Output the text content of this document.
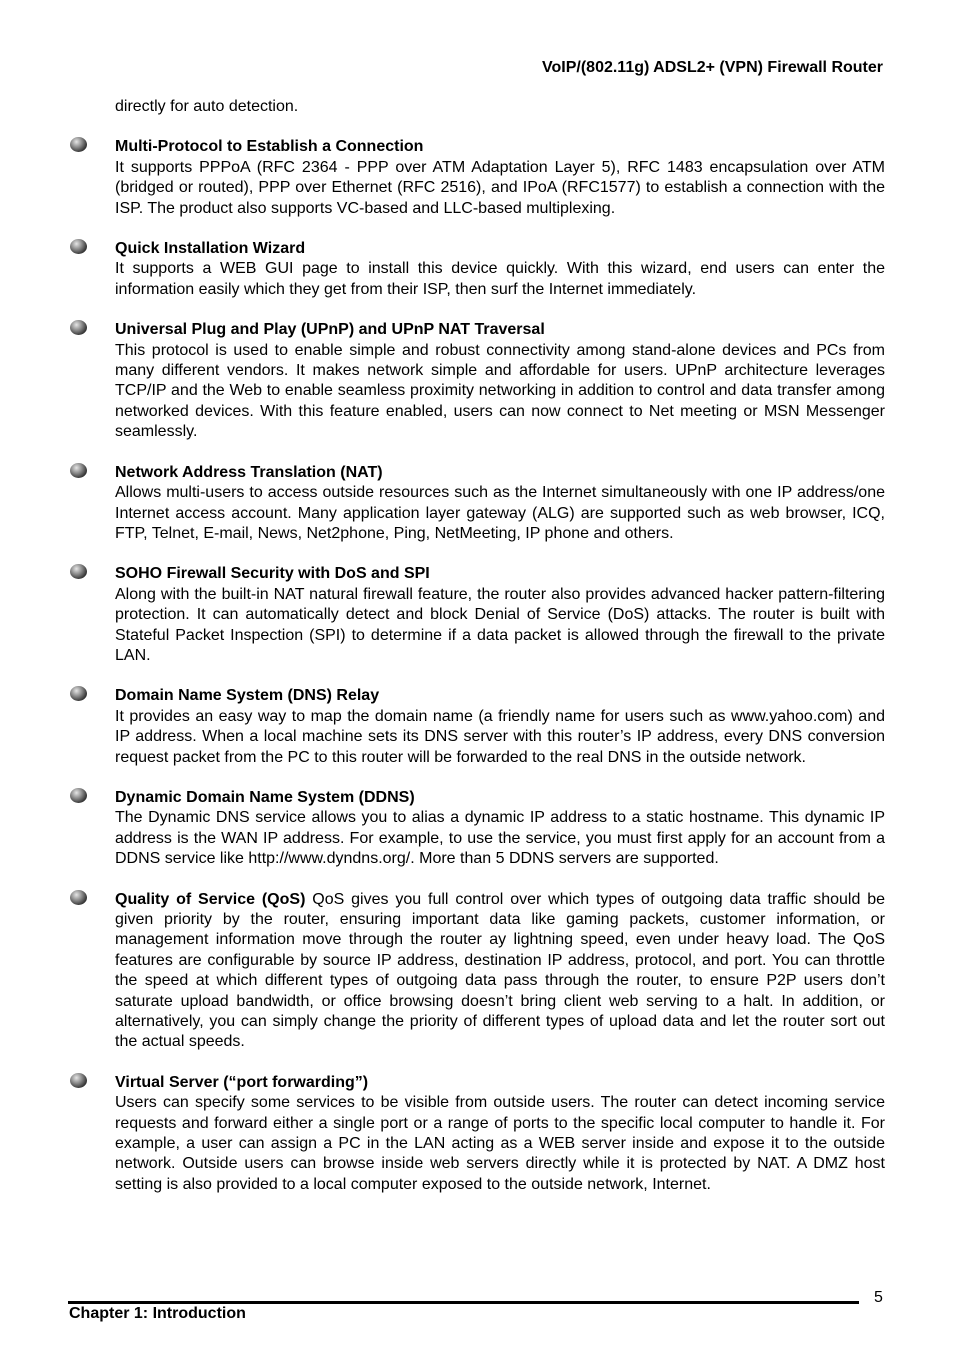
VoIP/(802.11g) ADSL2+ (VPN) Firewall Router

directly for auto detection.

Multi-Protocol to Establish a Connection
It supports PPPoA (RFC 2364 - PPP over ATM Adaptation Layer 5), RFC 1483 encapsulation over ATM (bridged or routed), PPP over Ethernet (RFC 2516), and IPoA (RFC1577) to establish a connection with the ISP. The product also supports VC-based and LLC-based multiplexing.
Quick Installation Wizard
It supports a WEB GUI page to install this device quickly. With this wizard, end users can enter the information easily which they get from their ISP, then surf the Internet immediately.
Universal Plug and Play (UPnP) and UPnP NAT Traversal
This protocol is used to enable simple and robust connectivity among stand-alone devices and PCs from many different vendors. It makes network simple and affordable for users. UPnP architecture leverages TCP/IP and the Web to enable seamless proximity networking in addition to control and data transfer among networked devices. With this feature enabled, users can now connect to Net meeting or MSN Messenger seamlessly.
Network Address Translation (NAT)
Allows multi-users to access outside resources such as the Internet simultaneously with one IP address/one Internet access account. Many application layer gateway (ALG) are supported such as web browser, ICQ, FTP, Telnet, E-mail, News, Net2phone, Ping, NetMeeting, IP phone and others.
SOHO Firewall Security with DoS and SPI
Along with the built-in NAT natural firewall feature, the router also provides advanced hacker pattern-filtering protection. It can automatically detect and block Denial of Service (DoS) attacks. The router is built with Stateful Packet Inspection (SPI) to determine if a data packet is allowed through the firewall to the private LAN.
Domain Name System (DNS) Relay
It provides an easy way to map the domain name (a friendly name for users such as www.yahoo.com) and IP address. When a local machine sets its DNS server with this router’s IP address, every DNS conversion request packet from the PC to this router will be forwarded to the real DNS in the outside network.
Dynamic Domain Name System (DDNS)
The Dynamic DNS service allows you to alias a dynamic IP address to a static hostname. This dynamic IP address is the WAN IP address. For example, to use the service, you must first apply for an account from a DDNS service like http://www.dyndns.org/. More than 5 DDNS servers are supported.
Quality of Service (QoS) QoS gives you full control over which types of outgoing data traffic should be given priority by the router, ensuring important data like gaming packets, customer information, or management information move through the router ay lightning speed, even under heavy load. The QoS features are configurable by source IP address, destination IP address, protocol, and port. You can throttle the speed at which different types of outgoing data pass through the router, to ensure P2P users don’t saturate upload bandwidth, or office browsing doesn’t bring client web serving to a halt. In addition, or alternatively, you can simply change the priority of different types of upload data and let the router sort out the actual speeds.
Virtual Server (“port forwarding”)
Users can specify some services to be visible from outside users. The router can detect incoming service requests and forward either a single port or a range of ports to the specific local computer to handle it. For example, a user can assign a PC in the LAN acting as a WEB server inside and expose it to the outside network. Outside users can browse inside web servers directly while it is protected by NAT. A DMZ host setting is also provided to a local computer exposed to the outside network, Internet.
5
Chapter 1: Introduction
